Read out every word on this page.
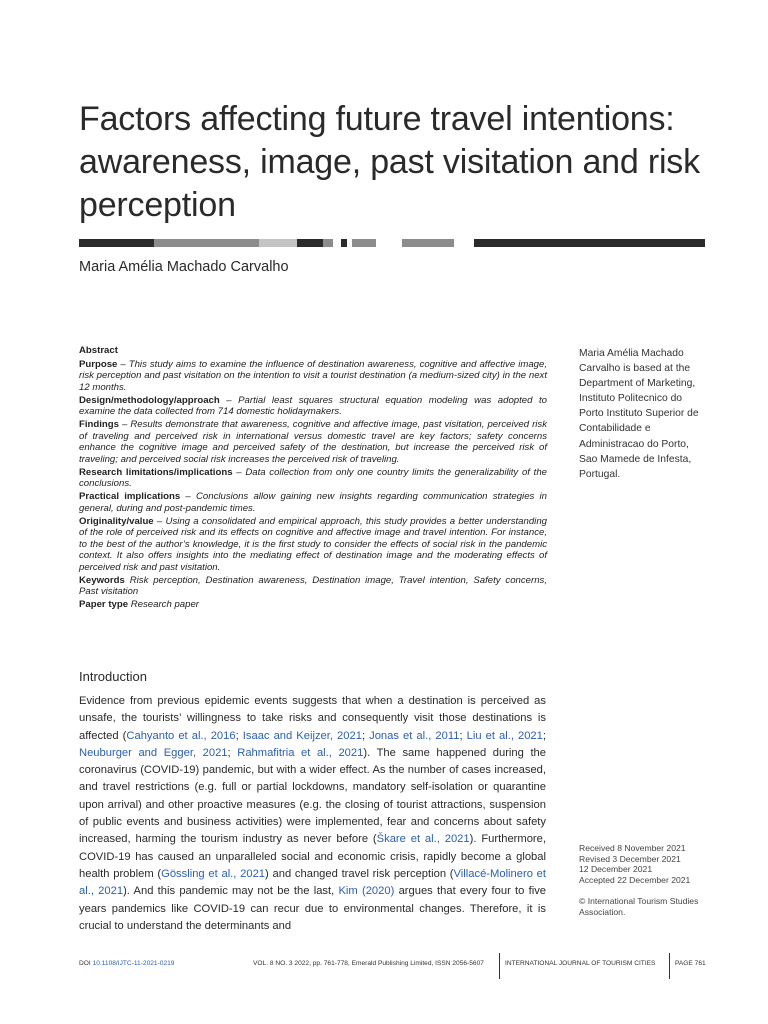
Factors affecting future travel intentions: awareness, image, past visitation and risk perception
Maria Amélia Machado Carvalho

Abstract

Purpose – This study aims to examine the influence of destination awareness, cognitive and affective image, risk perception and past visitation on the intention to visit a tourist destination (a medium-sized city) in the next 12 months.

Design/methodology/approach – Partial least squares structural equation modeling was adopted to examine the data collected from 714 domestic holidaymakers.

Findings – Results demonstrate that awareness, cognitive and affective image, past visitation, perceived risk of traveling and perceived risk in international versus domestic travel are key factors; safety concerns enhance the cognitive image and perceived safety of the destination, but increase the perceived risk of traveling; and perceived social risk increases the perceived risk of traveling.

Research limitations/implications – Data collection from only one country limits the generalizability of the conclusions.

Practical implications – Conclusions allow gaining new insights regarding communication strategies in general, during and post-pandemic times.

Originality/value – Using a consolidated and empirical approach, this study provides a better understanding of the role of perceived risk and its effects on cognitive and affective image and travel intention. For instance, to the best of the author’s knowledge, it is the first study to consider the effects of social risk in the pandemic context. It also offers insights into the mediating effect of destination image and the moderating effects of perceived risk and past visitation.

Keywords Risk perception, Destination awareness, Destination image, Travel intention, Safety concerns, Past visitation

Paper type Research paper

Maria Amélia Machado Carvalho is based at the Department of Marketing, Instituto Politecnico do Porto Instituto Superior de Contabilidade e Administracao do Porto, Sao Mamede de Infesta, Portugal.
Introduction

Evidence from previous epidemic events suggests that when a destination is perceived as unsafe, the tourists’ willingness to take risks and consequently visit those destinations is affected (Cahyanto et al., 2016; Isaac and Keijzer, 2021; Jonas et al., 2011; Liu et al., 2021; Neuburger and Egger, 2021; Rahmafitria et al., 2021). The same happened during the coronavirus (COVID-19) pandemic, but with a wider effect. As the number of cases increased, and travel restrictions (e.g. full or partial lockdowns, mandatory self-isolation or quarantine upon arrival) and other proactive measures (e.g. the closing of tourist attractions, suspension of public events and business activities) were implemented, fear and concerns about safety increased, harming the tourism industry as never before (Škare et al., 2021). Furthermore, COVID-19 has caused an unparalleled social and economic crisis, rapidly become a global health problem (Gössling et al., 2021) and changed travel risk perception (Villacé-Molinero et al., 2021). And this pandemic may not be the last, Kim (2020) argues that every four to five years pandemics like COVID-19 can recur due to environmental changes. Therefore, it is crucial to understand the determinants and

Received 8 November 2021
Revised 3 December 2021
12 December 2021
Accepted 22 December 2021
© International Tourism Studies Association.
DOI 10.1108/IJTC-11-2021-0219	VOL. 8 NO. 3 2022, pp. 761-778, Emerald Publishing Limited, ISSN 2056-5607	INTERNATIONAL JOURNAL OF TOURISM CITIES	PAGE 761
